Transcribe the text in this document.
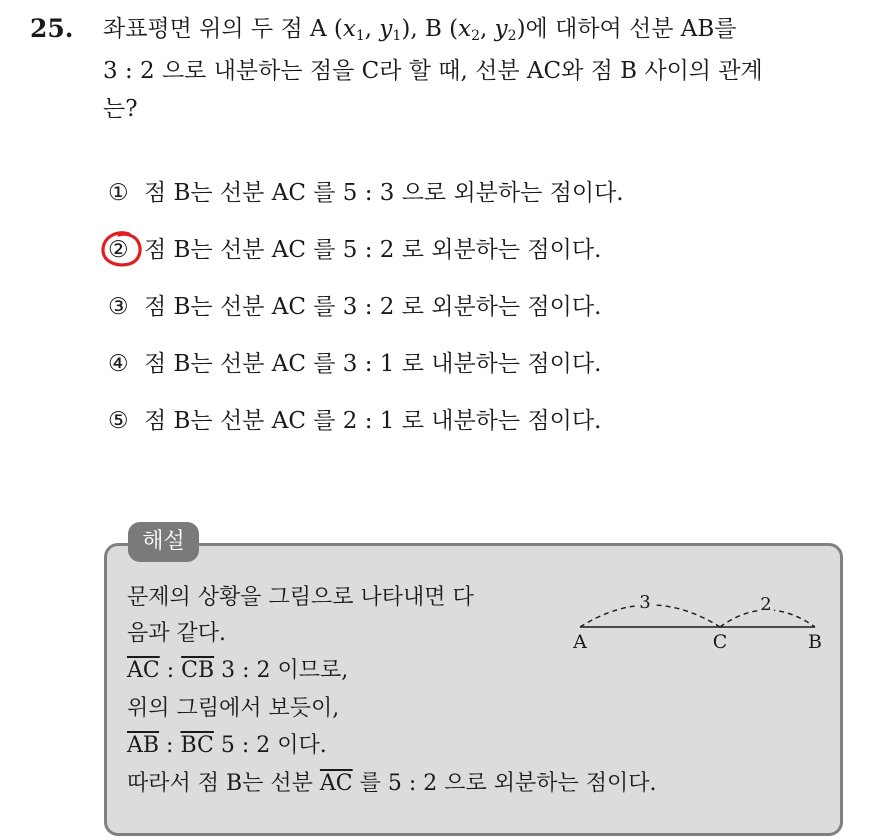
25. 좌표평면 위의 두 점 A ($x_1$, $y_1$), B ($x_2$, $y_2$)에 대하여 선분 AB를
3 : 2 으로 내분하는 점을 C라 할 때, 선분 AC와 점 B 사이의 관계
는?
① 점 B는 선분 AC 를 5 : 3 으로 외분하는 점이다.
② 점 B는 선분 AC 를 5 : 2 로 외분하는 점이다.
③ 점 B는 선분 AC 를 3 : 2 로 외분하는 점이다.
④ 점 B는 선분 AC 를 3 : 1 로 내분하는 점이다.
⑤ 점 B는 선분 AC 를 2 : 1 로 내분하는 점이다.
해설
문제의 상황을 그림으로 나타내면 다
음과 같다.
$\overline{AC}$ : $\overline{CB}$ 3 : 2 이므로,
위의 그림에서 보듯이,
$\overline{AB}$ : $\overline{BC}$ 5 : 2 이다.
따라서 점 B는 선분 $\overline{AC}$ 를 5 : 2 으로 외분하는 점이다.
3	2
A	C	B
